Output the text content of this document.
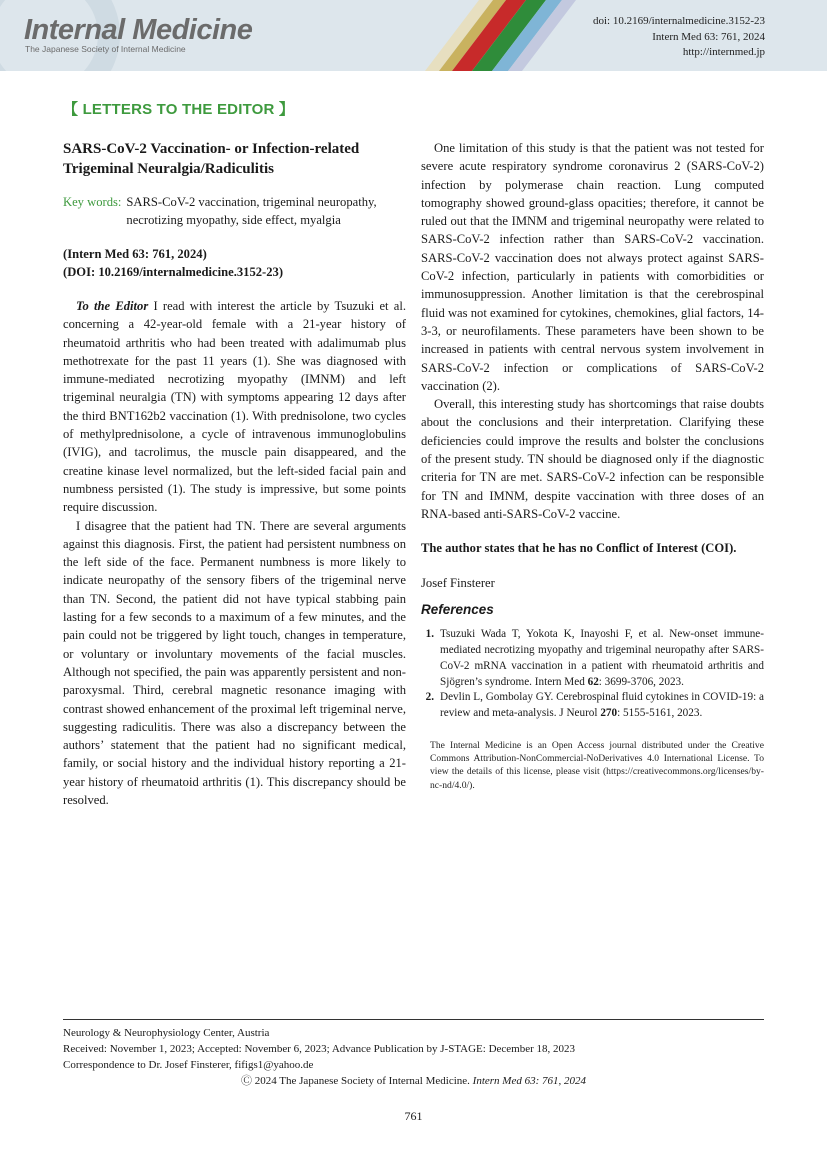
Internal Medicine
The Japanese Society of Internal Medicine
doi: 10.2169/internalmedicine.3152-23
Intern Med 63: 761, 2024
http://internmed.jp
【 LETTERS TO THE EDITOR 】
SARS-CoV-2 Vaccination- or Infection-related
Trigeminal Neuralgia/Radiculitis
Key words: SARS-CoV-2 vaccination, trigeminal neuropathy, necrotizing myopathy, side effect, myalgia
(Intern Med 63: 761, 2024)
(DOI: 10.2169/internalmedicine.3152-23)

To the Editor I read with interest the article by Tsuzuki et al. concerning a 42-year-old female with a 21-year history of rheumatoid arthritis who had been treated with adalimumab plus methotrexate for the past 11 years (1). She was diagnosed with immune-mediated necrotizing myopathy (IMNM) and left trigeminal neuralgia (TN) with symptoms appearing 12 days after the third BNT162b2 vaccination (1). With prednisolone, two cycles of methylprednisolone, a cycle of intravenous immunoglobulins (IVIG), and tacrolimus, the muscle pain disappeared, and the creatine kinase level normalized, but the left-sided facial pain and numbness persisted (1). The study is impressive, but some points require discussion.

I disagree that the patient had TN. There are several arguments against this diagnosis. First, the patient had persistent numbness on the left side of the face. Permanent numbness is more likely to indicate neuropathy of the sensory fibers of the trigeminal nerve than TN. Second, the patient did not have typical stabbing pain lasting for a few seconds to a maximum of a few minutes, and the pain could not be triggered by light touch, changes in temperature, or voluntary or involuntary movements of the facial muscles. Although not specified, the pain was apparently persistent and non-paroxysmal. Third, cerebral magnetic resonance imaging with contrast showed enhancement of the proximal left trigeminal nerve, suggesting radiculitis. There was also a discrepancy between the authors’ statement that the patient had no significant medical, family, or social history and the individual history reporting a 21-year history of rheumatoid arthritis (1). This discrepancy should be resolved.

One limitation of this study is that the patient was not tested for severe acute respiratory syndrome coronavirus 2 (SARS-CoV-2) infection by polymerase chain reaction. Lung computed tomography showed ground-glass opacities; therefore, it cannot be ruled out that the IMNM and trigeminal neuropathy were related to SARS-CoV-2 infection rather than SARS-CoV-2 vaccination. SARS-CoV-2 vaccination does not always protect against SARS-CoV-2 infection, particularly in patients with comorbidities or immunosuppression. Another limitation is that the cerebrospinal fluid was not examined for cytokines, chemokines, glial factors, 14-3-3, or neurofilaments. These parameters have been shown to be increased in patients with central nervous system involvement in SARS-CoV-2 infection or complications of SARS-CoV-2 vaccination (2).

Overall, this interesting study has shortcomings that raise doubts about the conclusions and their interpretation. Clarifying these deficiencies could improve the results and bolster the conclusions of the present study. TN should be diagnosed only if the diagnostic criteria for TN are met. SARS-CoV-2 infection can be responsible for TN and IMNM, despite vaccination with three doses of an RNA-based anti-SARS-CoV-2 vaccine.

The author states that he has no Conflict of Interest (COI).
Josef Finsterer
References
1. Tsuzuki Wada T, Yokota K, Inayoshi F, et al. New-onset immune-mediated necrotizing myopathy and trigeminal neuropathy after SARS-CoV-2 mRNA vaccination in a patient with rheumatoid arthritis and Sjögren’s syndrome. Intern Med 62: 3699-3706, 2023.
2. Devlin L, Gombolay GY. Cerebrospinal fluid cytokines in COVID-19: a review and meta-analysis. J Neurol 270: 5155-5161, 2023.
The Internal Medicine is an Open Access journal distributed under the Creative Commons Attribution-NonCommercial-NoDerivatives 4.0 International License. To view the details of this license, please visit (https://creativecommons.org/licenses/by-nc-nd/4.0/).
Neurology & Neurophysiology Center, Austria
Received: November 1, 2023; Accepted: November 6, 2023; Advance Publication by J-STAGE: December 18, 2023
Correspondence to Dr. Josef Finsterer, fifigs1@yahoo.de
Ⓒ 2024 The Japanese Society of Internal Medicine. Intern Med 63: 761, 2024
761
